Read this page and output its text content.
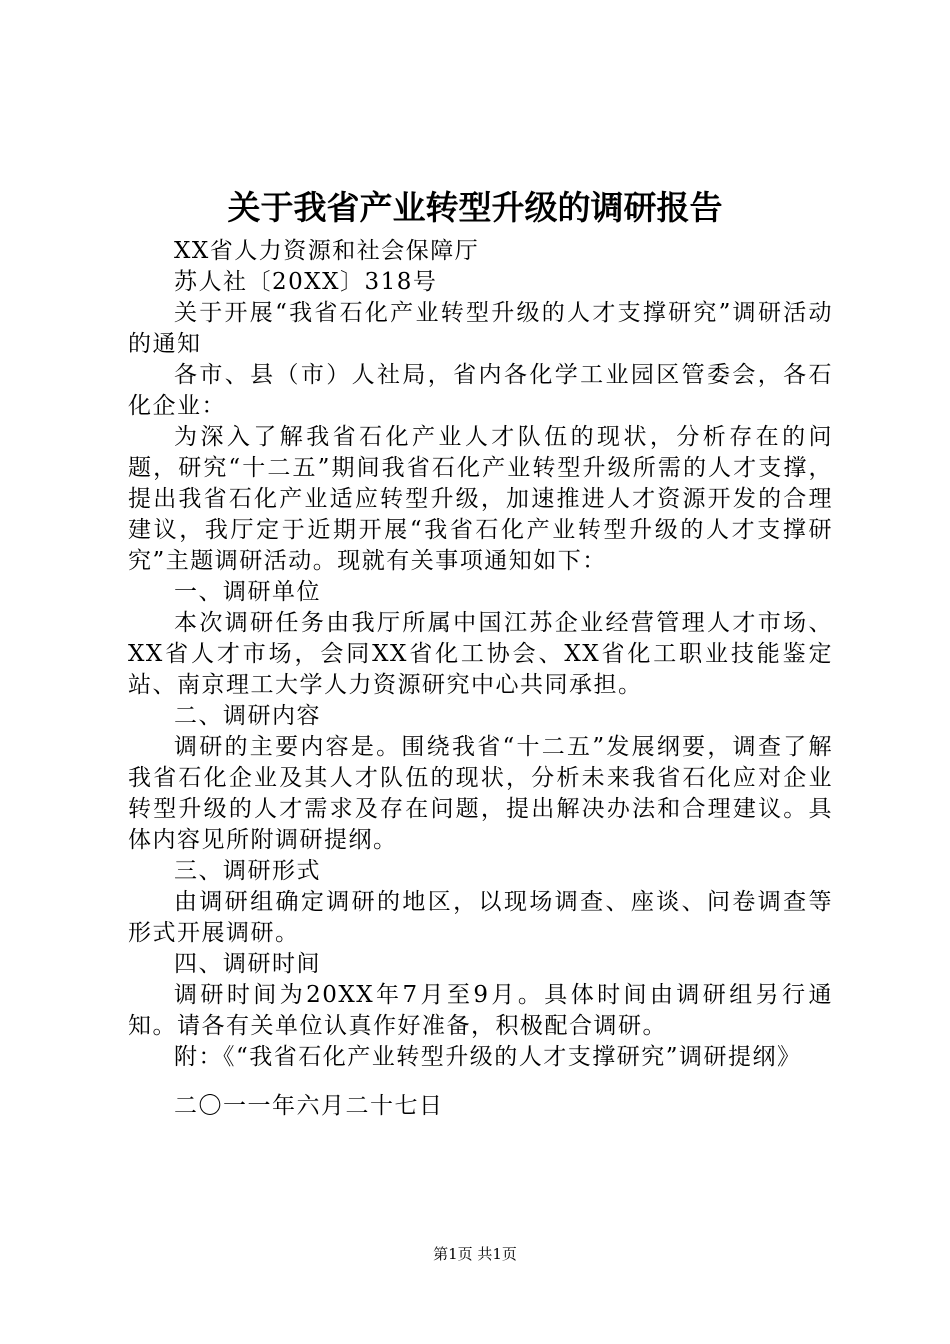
关于我省产业转型升级的调研报告

XX省人力资源和社会保障厅

苏人社〔20XX〕318号

关于开展“我省石化产业转型升级的人才支撑研究”调研活动的通知

各市、县（市）人社局，省内各化学工业园区管委会，各石化企业：

为深入了解我省石化产业人才队伍的现状，分析存在的问题，研究“十二五”期间我省石化产业转型升级所需的人才支撑，提出我省石化产业适应转型升级，加速推进人才资源开发的合理建议，我厅定于近期开展“我省石化产业转型升级的人才支撑研究”主题调研活动。现就有关事项通知如下：

一、调研单位

本次调研任务由我厅所属中国江苏企业经营管理人才市场、XX省人才市场，会同XX省化工协会、XX省化工职业技能鉴定站、南京理工大学人力资源研究中心共同承担。

二、调研内容

调研的主要内容是。围绕我省“十二五”发展纲要，调查了解我省石化企业及其人才队伍的现状，分析未来我省石化应对企业转型升级的人才需求及存在问题，提出解决办法和合理建议。具体内容见所附调研提纲。

三、调研形式

由调研组确定调研的地区，以现场调查、座谈、问卷调查等形式开展调研。

四、调研时间

调研时间为20XX年7月至9月。具体时间由调研组另行通知。请各有关单位认真作好准备，积极配合调研。

附：《“我省石化产业转型升级的人才支撑研究”调研提纲》

二〇一一年六月二十七日

第1页 共1页
